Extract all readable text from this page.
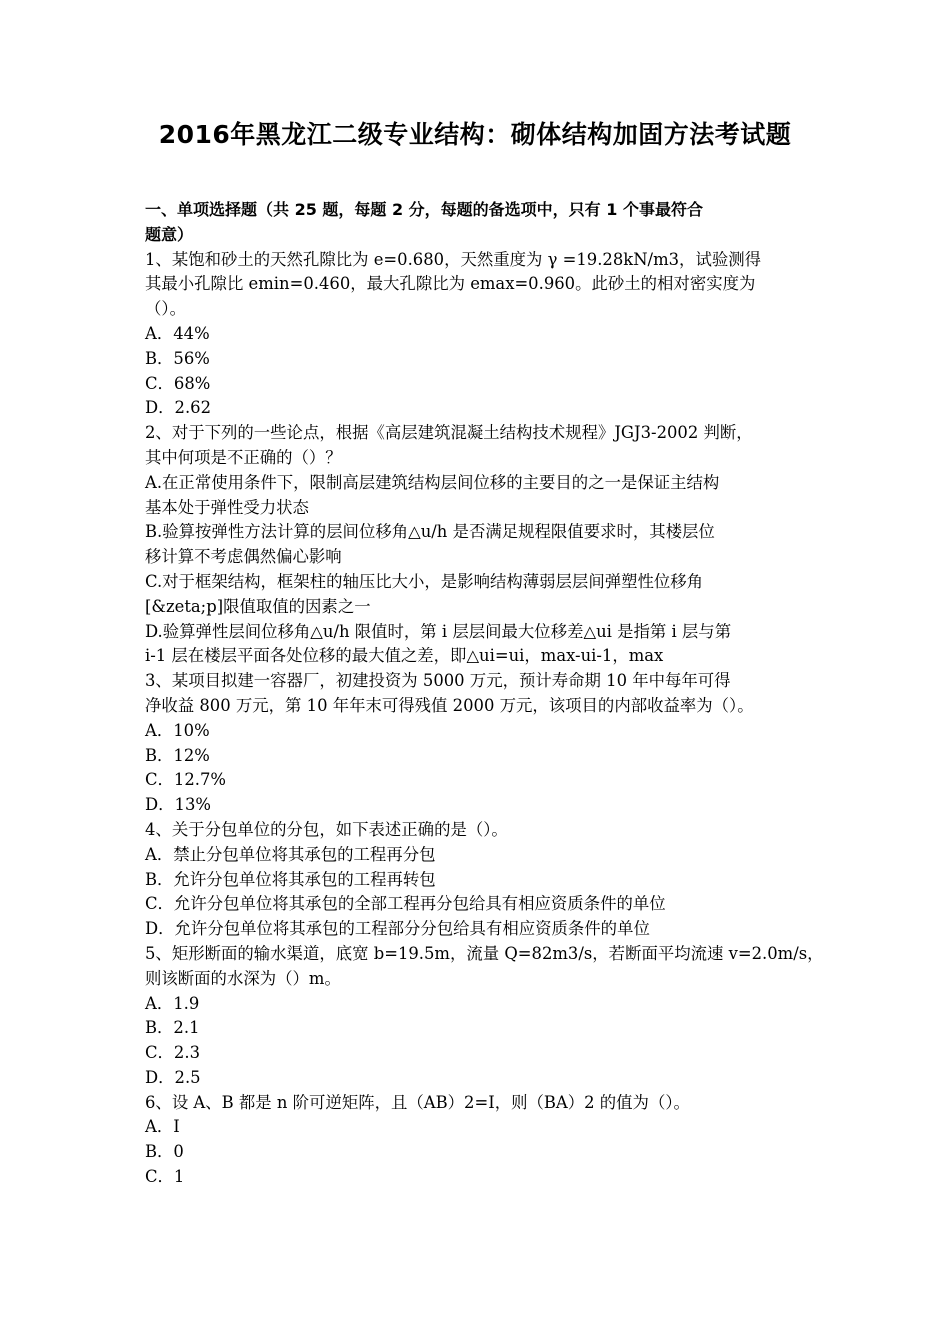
2016年黑龙江二级专业结构：砌体结构加固方法考试题
一、单项选择题（共 25 题，每题 2 分，每题的备选项中，只有 1 个事最符合
题意）
1、某饱和砂土的天然孔隙比为 e=0.680，天然重度为 γ =19.28kN/m3，试验测得
其最小孔隙比 emin=0.460，最大孔隙比为 emax=0.960。此砂土的相对密实度为
（）。
A．44%
B．56%
C．68%
D．2.62
2、对于下列的一些论点，根据《高层建筑混凝土结构技术规程》JGJ3-2002 判断，
其中何项是不正确的（）？
A.在正常使用条件下，限制高层建筑结构层间位移的主要目的之一是保证主结构
基本处于弹性受力状态
B.验算按弹性方法计算的层间位移角△u/h 是否满足规程限值要求时，其楼层位
移计算不考虑偶然偏心影响
C.对于框架结构，框架柱的轴压比大小，是影响结构薄弱层层间弹塑性位移角
[&zeta;p]限值取值的因素之一
D.验算弹性层间位移角△u/h 限值时，第 i 层层间最大位移差△ui 是指第 i 层与第
i-1 层在楼层平面各处位移的最大值之差，即△ui=ui，max-ui-1，max
3、某项目拟建一容器厂，初建投资为 5000 万元，预计寿命期 10 年中每年可得
净收益 800 万元，第 10 年年末可得残值 2000 万元，该项目的内部收益率为（）。
A．10%
B．12%
C．12.7%
D．13%
4、关于分包单位的分包，如下表述正确的是（）。
A．禁止分包单位将其承包的工程再分包
B．允许分包单位将其承包的工程再转包
C．允许分包单位将其承包的全部工程再分包给具有相应资质条件的单位
D．允许分包单位将其承包的工程部分分包给具有相应资质条件的单位
5、矩形断面的输水渠道，底宽 b=19.5m，流量 Q=82m3/s，若断面平均流速 v=2.0m/s，
则该断面的水深为（）m。
A．1.9
B．2.1
C．2.3
D．2.5
6、设 A、B 都是 n 阶可逆矩阵，且（AB）2=I，则（BA）2 的值为（）。
A．I
B．0
C．1
